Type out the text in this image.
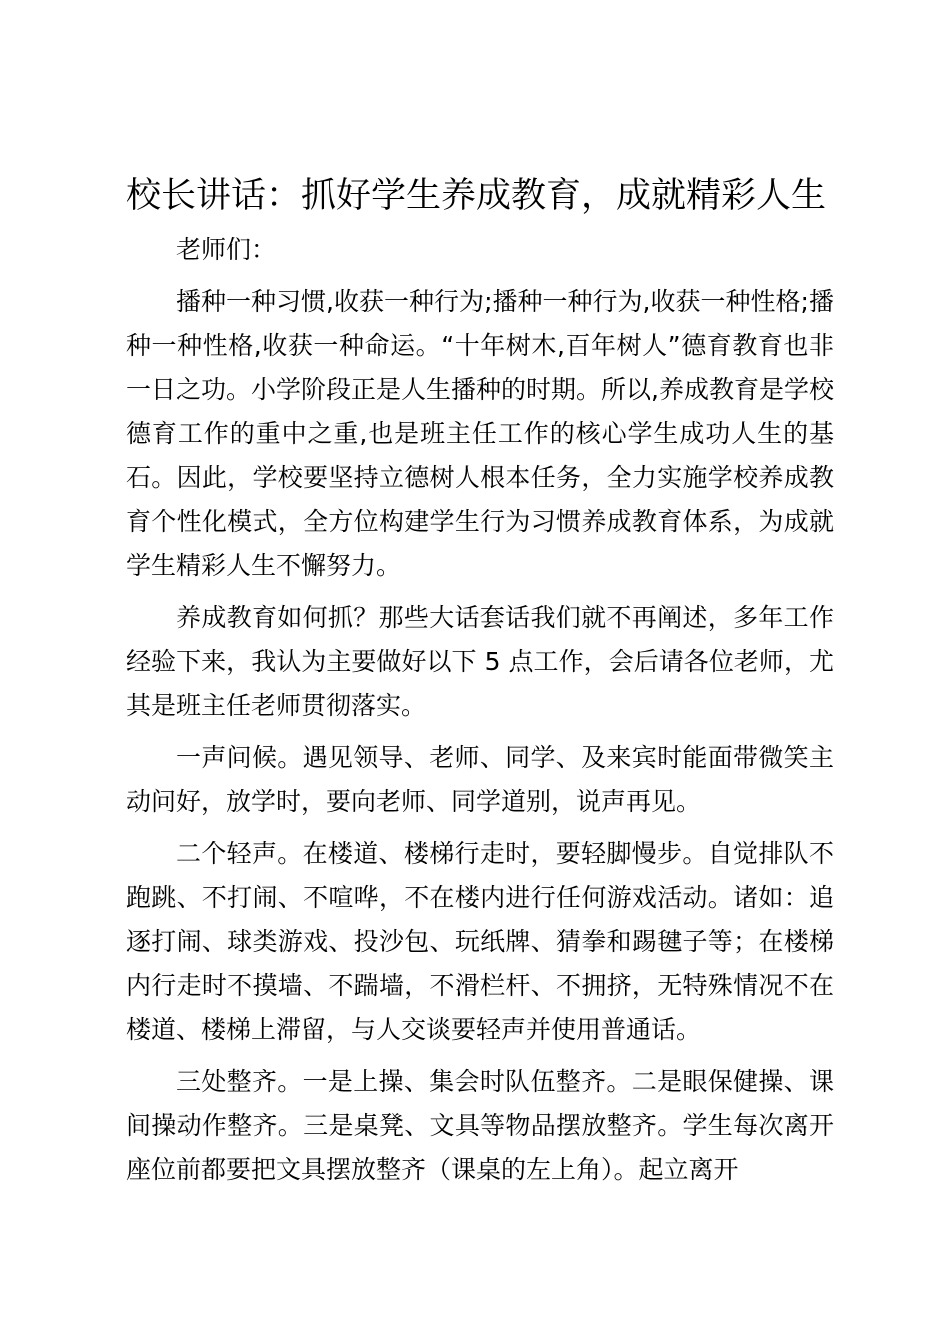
校长讲话：抓好学生养成教育，成就精彩人生

老师们：

播种一种习惯,收获一种行为;播种一种行为,收获一种性格;播种一种性格,收获一种命运。“十年树木,百年树人”德育教育也非一日之功。小学阶段正是人生播种的时期。所以,养成教育是学校德育工作的重中之重,也是班主任工作的核心学生成功人生的基石。因此，学校要坚持立德树人根本任务，全力实施学校养成教育个性化模式，全方位构建学生行为习惯养成教育体系，为成就学生精彩人生不懈努力。

养成教育如何抓？那些大话套话我们就不再阐述，多年工作经验下来，我认为主要做好以下 5 点工作，会后请各位老师，尤其是班主任老师贯彻落实。

一声问候。遇见领导、老师、同学、及来宾时能面带微笑主动问好，放学时，要向老师、同学道别，说声再见。

二个轻声。在楼道、楼梯行走时，要轻脚慢步。自觉排队不跑跳、不打闹、不喧哗，不在楼内进行任何游戏活动。诸如：追逐打闹、球类游戏、投沙包、玩纸牌、猜拳和踢毽子等；在楼梯内行走时不摸墙、不踹墙，不滑栏杆、不拥挤，无特殊情况不在楼道、楼梯上滞留，与人交谈要轻声并使用普通话。

三处整齐。一是上操、集会时队伍整齐。二是眼保健操、课间操动作整齐。三是桌凳、文具等物品摆放整齐。学生每次离开座位前都要把文具摆放整齐（课桌的左上角）。起立离开
